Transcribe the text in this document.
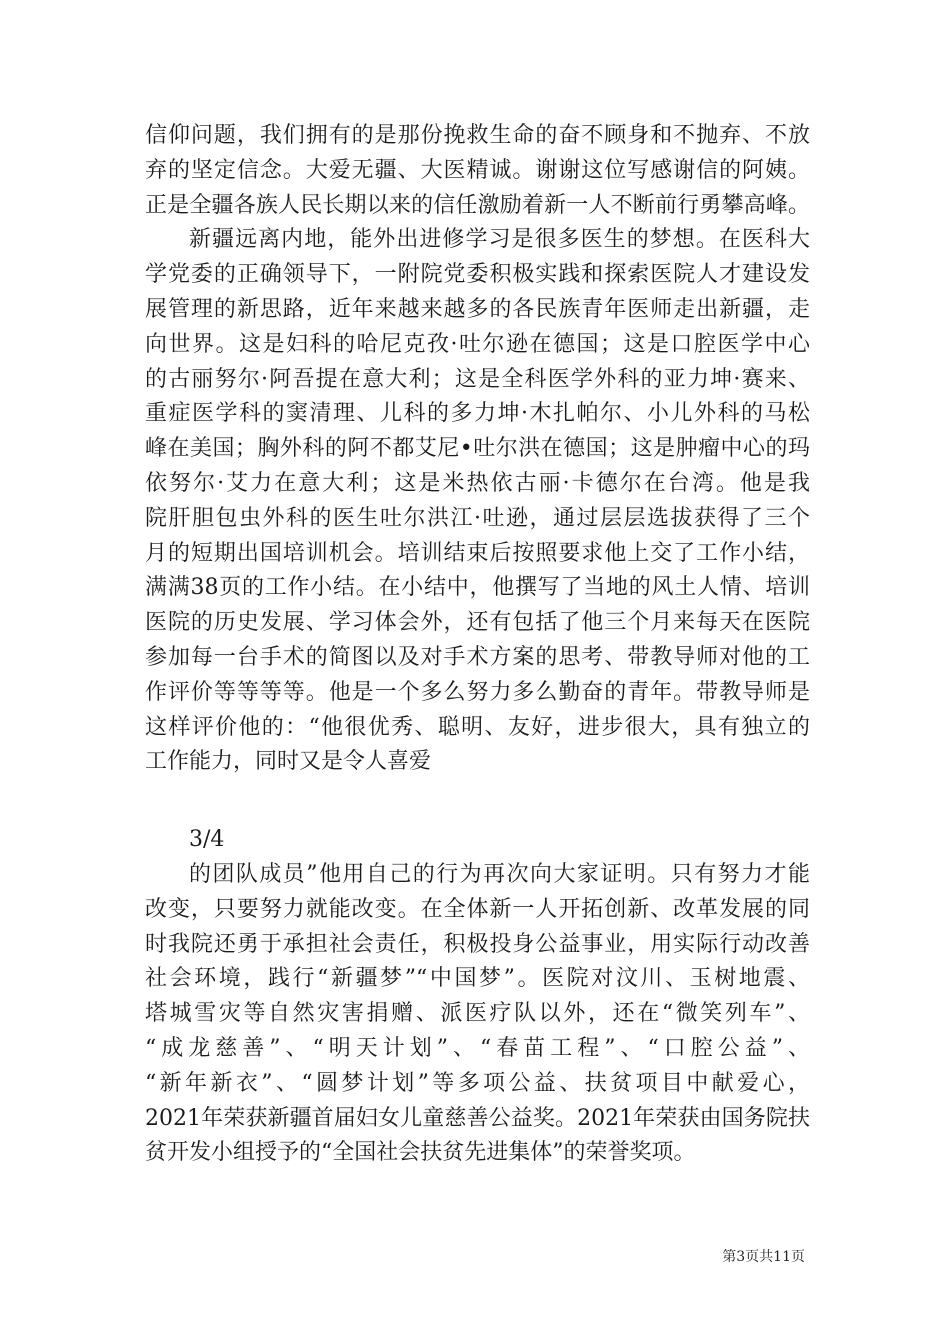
信仰问题，我们拥有的是那份挽救生命的奋不顾身和不抛弃、不放
弃的坚定信念。大爱无疆、大医精诚。谢谢这位写感谢信的阿姨。
正是全疆各族人民长期以来的信任激励着新一人不断前行勇攀高峰。
新疆远离内地，能外出进修学习是很多医生的梦想。在医科大
学党委的正确领导下，一附院党委积极实践和探索医院人才建设发
展管理的新思路，近年来越来越多的各民族青年医师走出新疆，走
向世界。这是妇科的哈尼克孜·吐尔逊在德国；这是口腔医学中心
的古丽努尔·阿吾提在意大利；这是全科医学外科的亚力坤·赛来、
重症医学科的窦清理、儿科的多力坤·木扎帕尔、小儿外科的马松
峰在美国；胸外科的阿不都艾尼•吐尔洪在德国；这是肿瘤中心的玛
依努尔·艾力在意大利；这是米热依古丽·卡德尔在台湾。他是我
院肝胆包虫外科的医生吐尔洪江·吐逊，通过层层选拔获得了三个
月的短期出国培训机会。培训结束后按照要求他上交了工作小结，
满满38页的工作小结。在小结中，他撰写了当地的风土人情、培训
医院的历史发展、学习体会外，还有包括了他三个月来每天在医院
参加每一台手术的简图以及对手术方案的思考、带教导师对他的工
作评价等等等等。他是一个多么努力多么勤奋的青年。带教导师是
这样评价他的：“他很优秀、聪明、友好，进步很大，具有独立的
工作能力，同时又是令人喜爱
3/4
的团队成员”他用自己的行为再次向大家证明。只有努力才能
改变，只要努力就能改变。在全体新一人开拓创新、改革发展的同
时我院还勇于承担社会责任，积极投身公益事业，用实际行动改善
社会环境，践行“新疆梦”“中国梦”。医院对汶川、玉树地震、
塔城雪灾等自然灾害捐赠、派医疗队以外，还在“微笑列车”、
“成龙慈善”、“明天计划”、“春苗工程”、“口腔公益”、
“新年新衣”、“圆梦计划”等多项公益、扶贫项目中献爱心，
2021年荣获新疆首届妇女儿童慈善公益奖。2021年荣获由国务院扶
贫开发小组授予的“全国社会扶贫先进集体”的荣誉奖项。
第3页共11页
